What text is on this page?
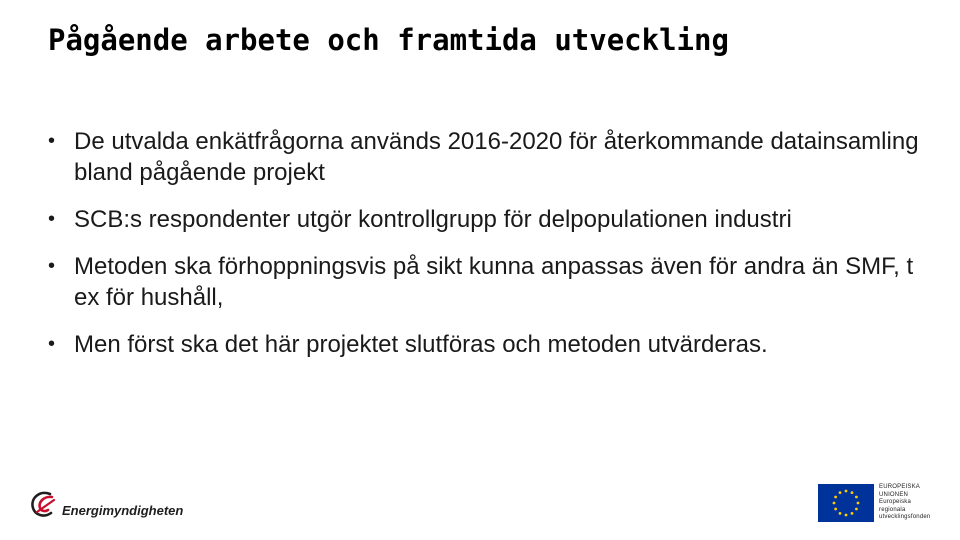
Pågående arbete och framtida utveckling
• De utvalda enkätfrågorna används 2016-2020 för återkommande datainsamling bland pågående projekt
• SCB:s respondenter utgör kontrollgrupp för delpopulationen industri
• Metoden ska förhoppningsvis på sikt kunna anpassas även för andra än SMF, t ex för hushåll,
• Men först ska det här projektet slutföras och metoden utvärderas.
Energimyndigheten
EUROPEISKA
UNIONEN
Europeiska
regionala
utvecklingsfonden
